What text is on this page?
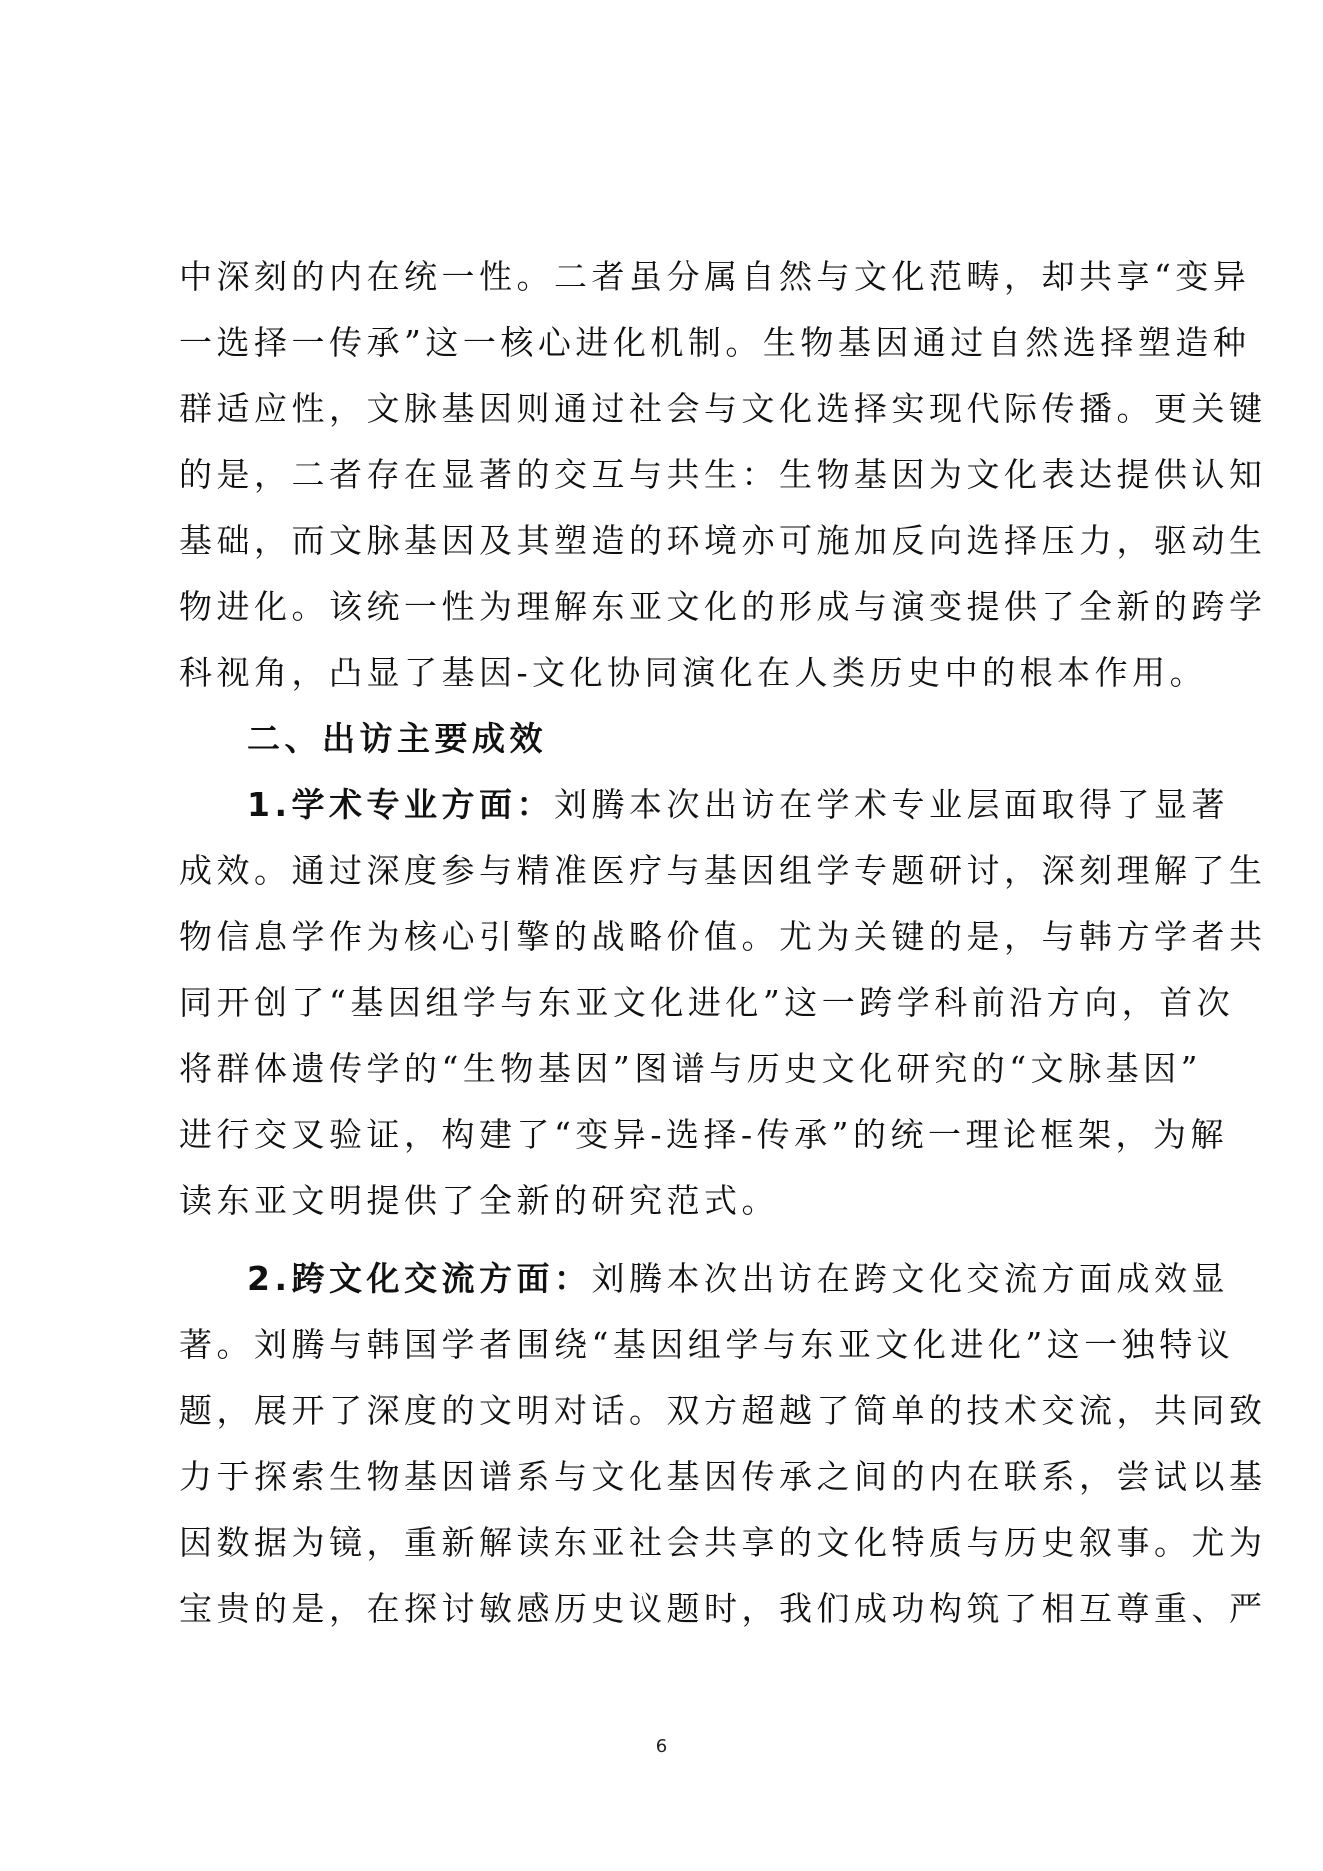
中深刻的内在统一性。二者虽分属自然与文化范畴，却共享“变异
一选择一传承”这一核心进化机制。生物基因通过自然选择塑造种
群适应性，文脉基因则通过社会与文化选择实现代际传播。更关键
的是，二者存在显著的交互与共生：生物基因为文化表达提供认知
基础，而文脉基因及其塑造的环境亦可施加反向选择压力，驱动生
物进化。该统一性为理解东亚文化的形成与演变提供了全新的跨学
科视角，凸显了基因-文化协同演化在人类历史中的根本作用。
二、出访主要成效
1.学术专业方面：刘腾本次出访在学术专业层面取得了显著
成效。通过深度参与精准医疗与基因组学专题研讨，深刻理解了生
物信息学作为核心引擎的战略价值。尤为关键的是，与韩方学者共
同开创了“基因组学与东亚文化进化”这一跨学科前沿方向，首次
将群体遗传学的“生物基因”图谱与历史文化研究的“文脉基因”
进行交叉验证，构建了“变异-选择-传承”的统一理论框架，为解
读东亚文明提供了全新的研究范式。
2.跨文化交流方面：刘腾本次出访在跨文化交流方面成效显
著。刘腾与韩国学者围绕“基因组学与东亚文化进化”这一独特议
题，展开了深度的文明对话。双方超越了简单的技术交流，共同致
力于探索生物基因谱系与文化基因传承之间的内在联系，尝试以基
因数据为镜，重新解读东亚社会共享的文化特质与历史叙事。尤为
宝贵的是，在探讨敏感历史议题时，我们成功构筑了相互尊重、严
6
